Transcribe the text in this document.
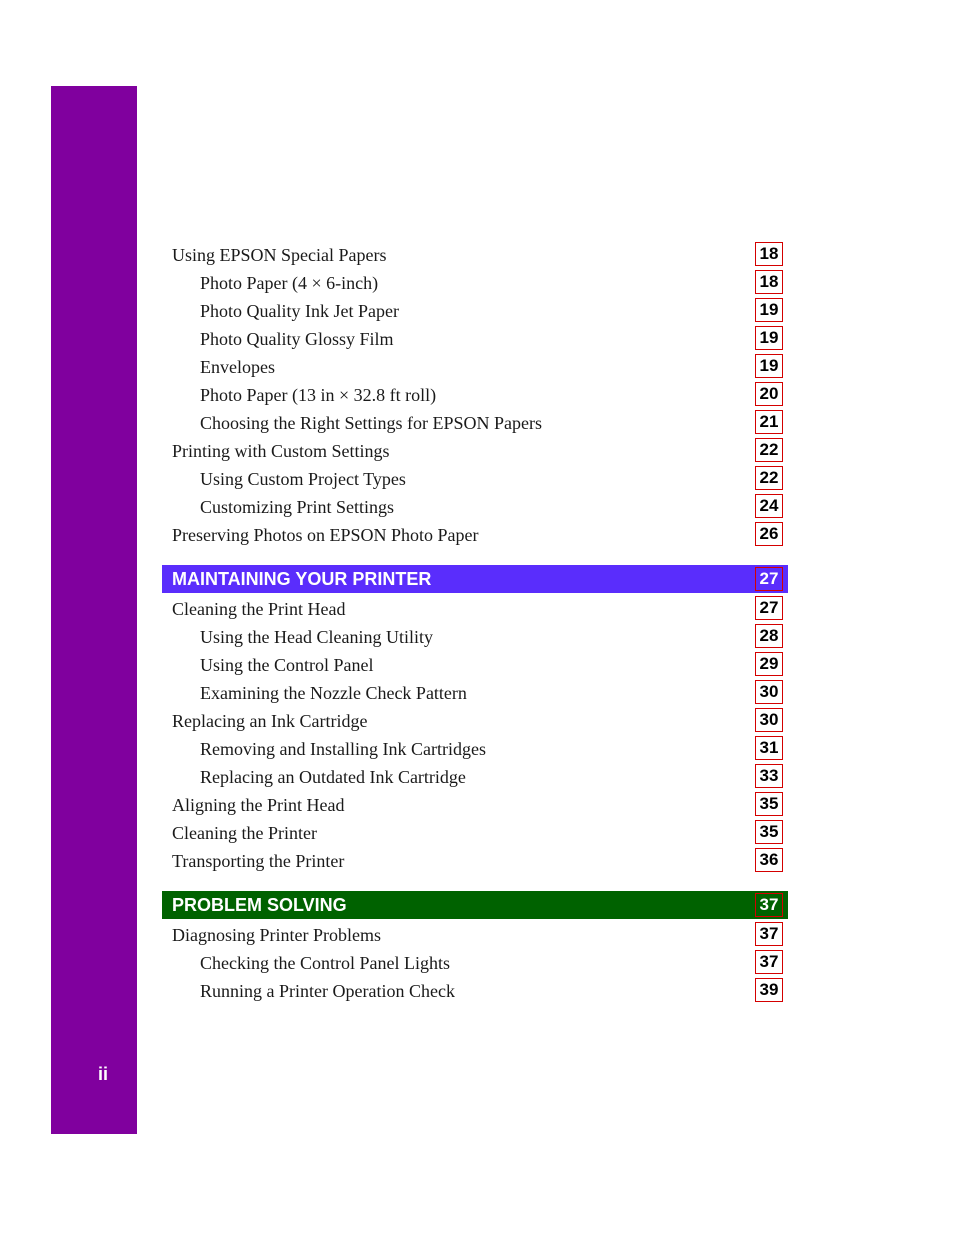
ii
Using EPSON Special Papers	18
Photo Paper (4 × 6-inch)	18
Photo Quality Ink Jet Paper	19
Photo Quality Glossy Film	19
Envelopes	19
Photo Paper (13 in × 32.8 ft roll)	20
Choosing the Right Settings for EPSON Papers	21
Printing with Custom Settings	22
Using Custom Project Types	22
Customizing Print Settings	24
Preserving Photos on EPSON Photo Paper	26
MAINTAINING YOUR PRINTER	27
Cleaning the Print Head	27
Using the Head Cleaning Utility	28
Using the Control Panel	29
Examining the Nozzle Check Pattern	30
Replacing an Ink Cartridge	30
Removing and Installing Ink Cartridges	31
Replacing an Outdated Ink Cartridge	33
Aligning the Print Head	35
Cleaning the Printer	35
Transporting the Printer	36
PROBLEM SOLVING	37
Diagnosing Printer Problems	37
Checking the Control Panel Lights	37
Running a Printer Operation Check	39
